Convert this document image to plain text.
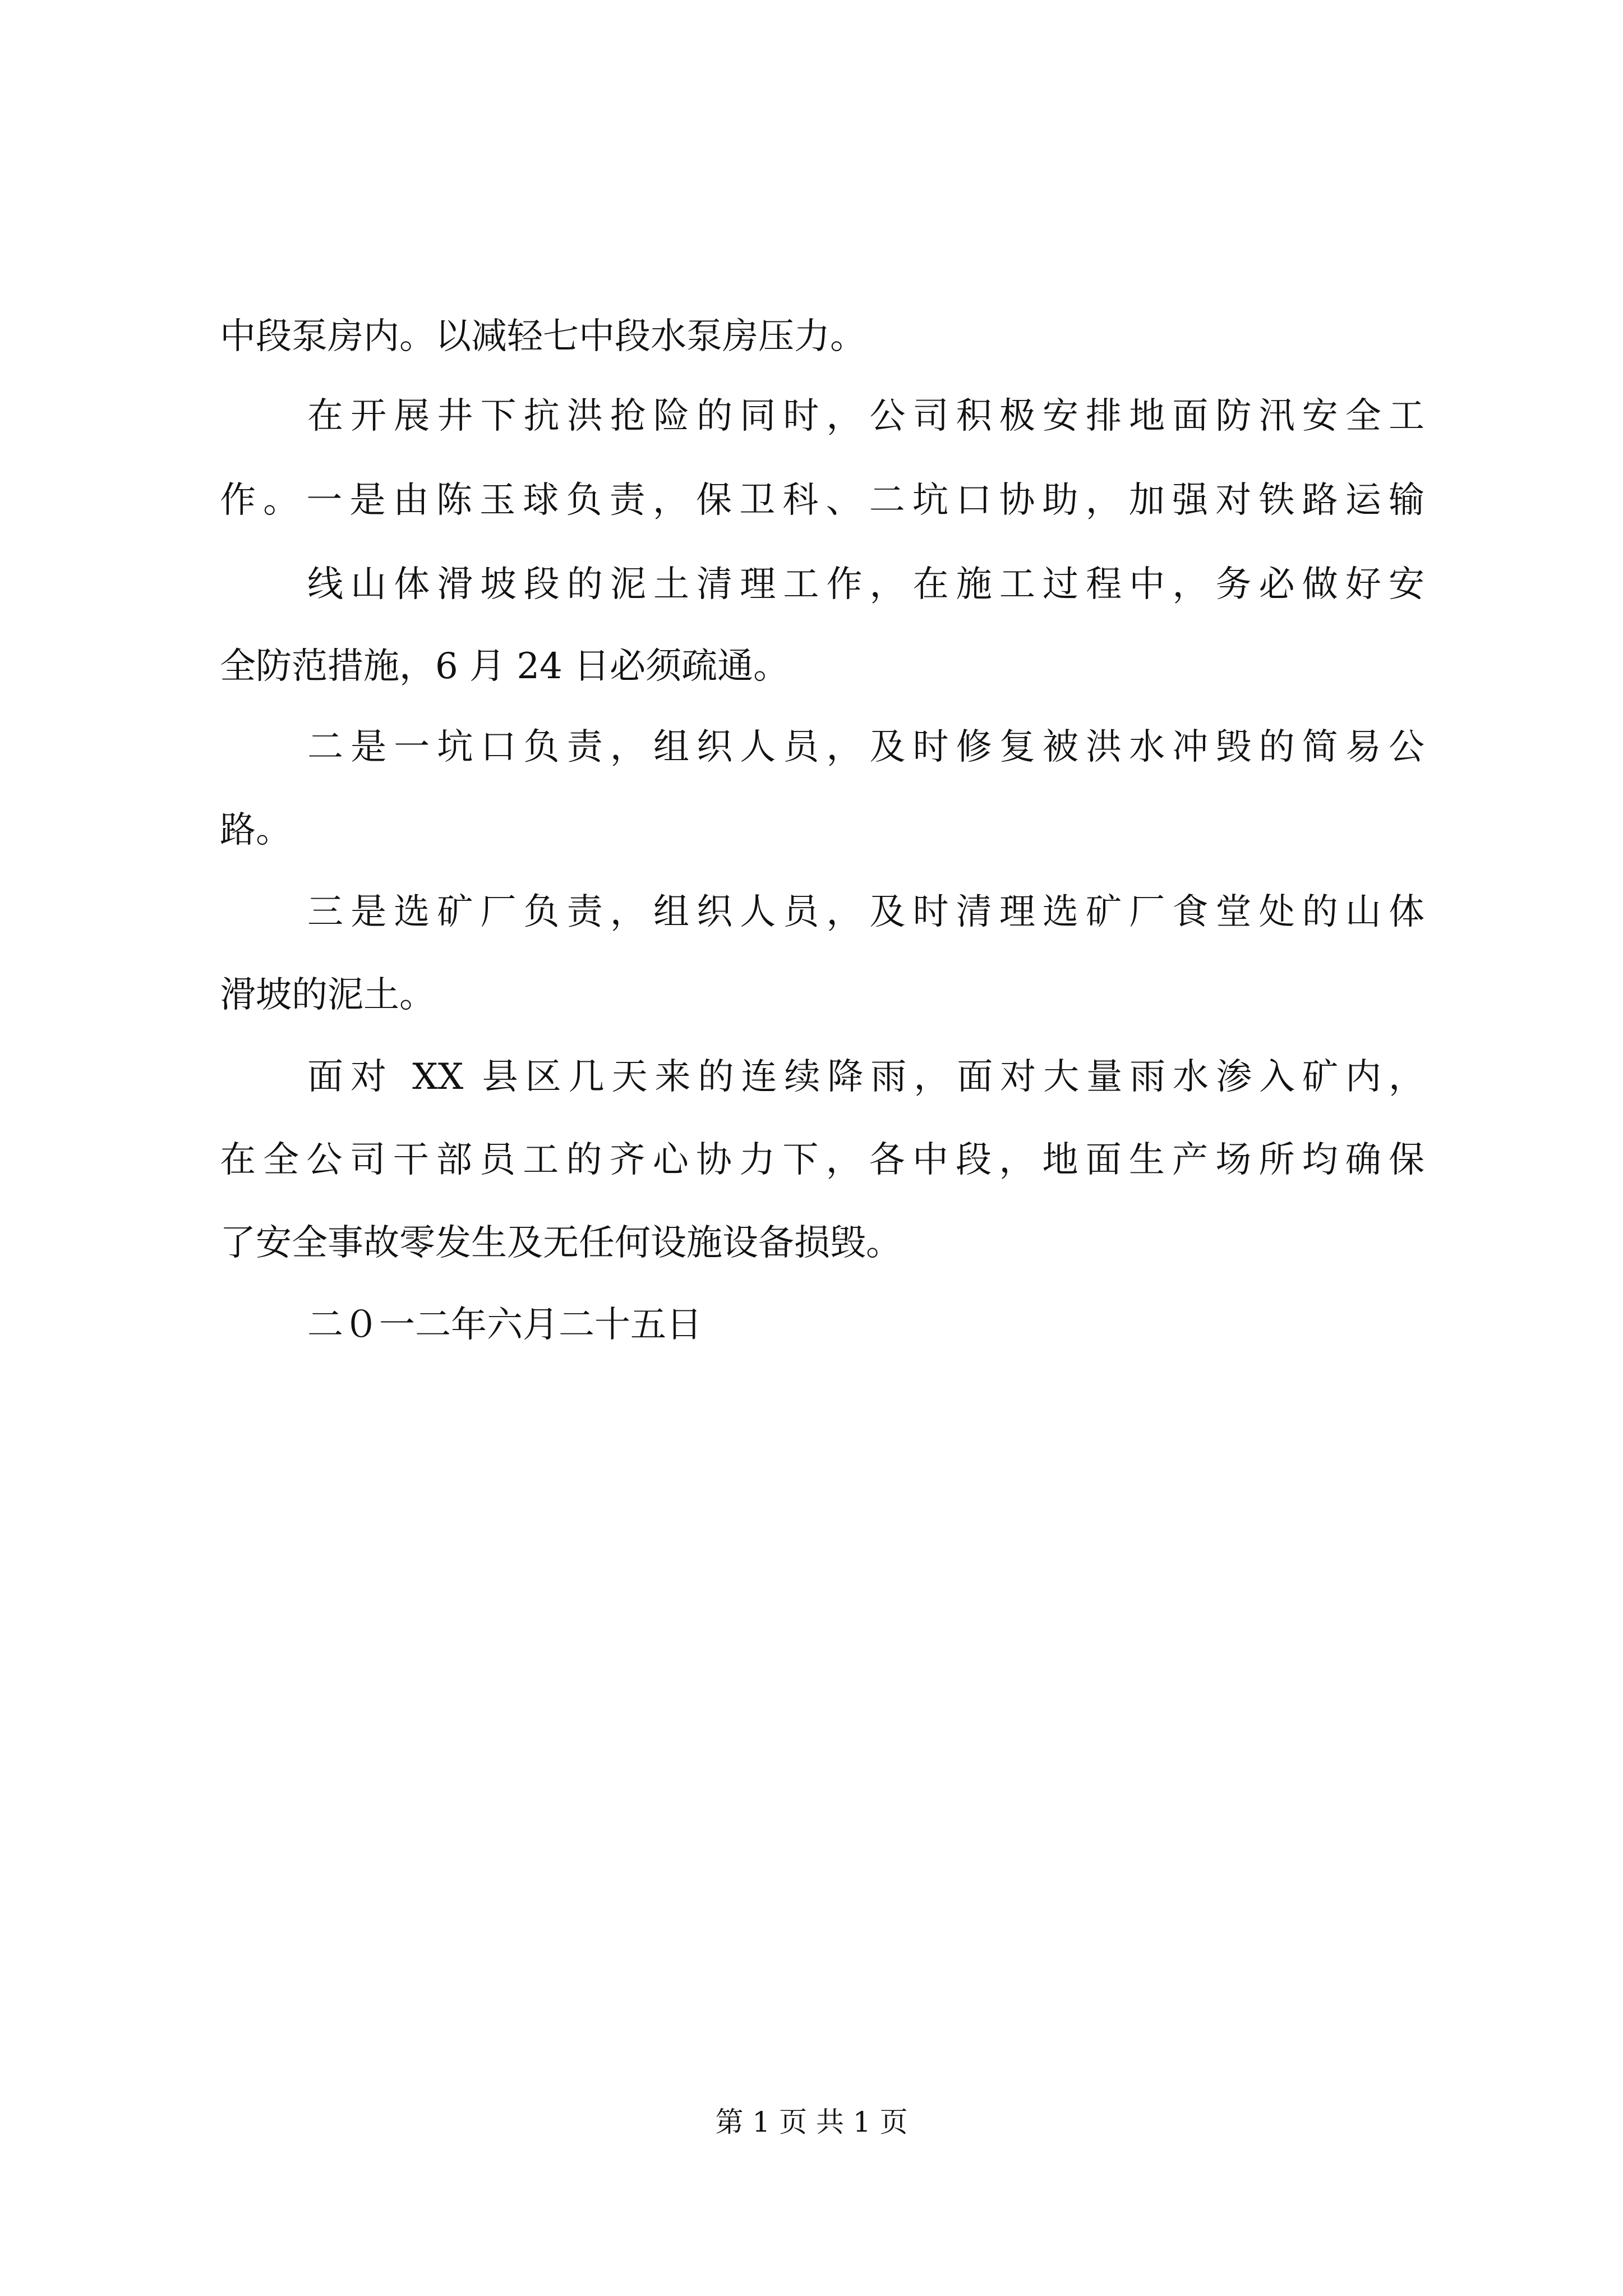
中段泵房内。以减轻七中段水泵房压力。
在开展井下抗洪抢险的同时，公司积极安排地面防汛安全工
作。一是由陈玉球负责，保卫科、二坑口协助，加强对铁路运输
线山体滑坡段的泥土清理工作，在施工过程中，务必做好安
全防范措施，6 月 24 日必须疏通。
二是一坑口负责，组织人员，及时修复被洪水冲毁的简易公
路。
三是选矿厂负责，组织人员，及时清理选矿厂食堂处的山体
滑坡的泥土。
面对 XX 县区几天来的连续降雨，面对大量雨水渗入矿内，
在全公司干部员工的齐心协力下，各中段，地面生产场所均确保
了安全事故零发生及无任何设施设备损毁。
二０一二年六月二十五日
第 1 页 共 1 页
